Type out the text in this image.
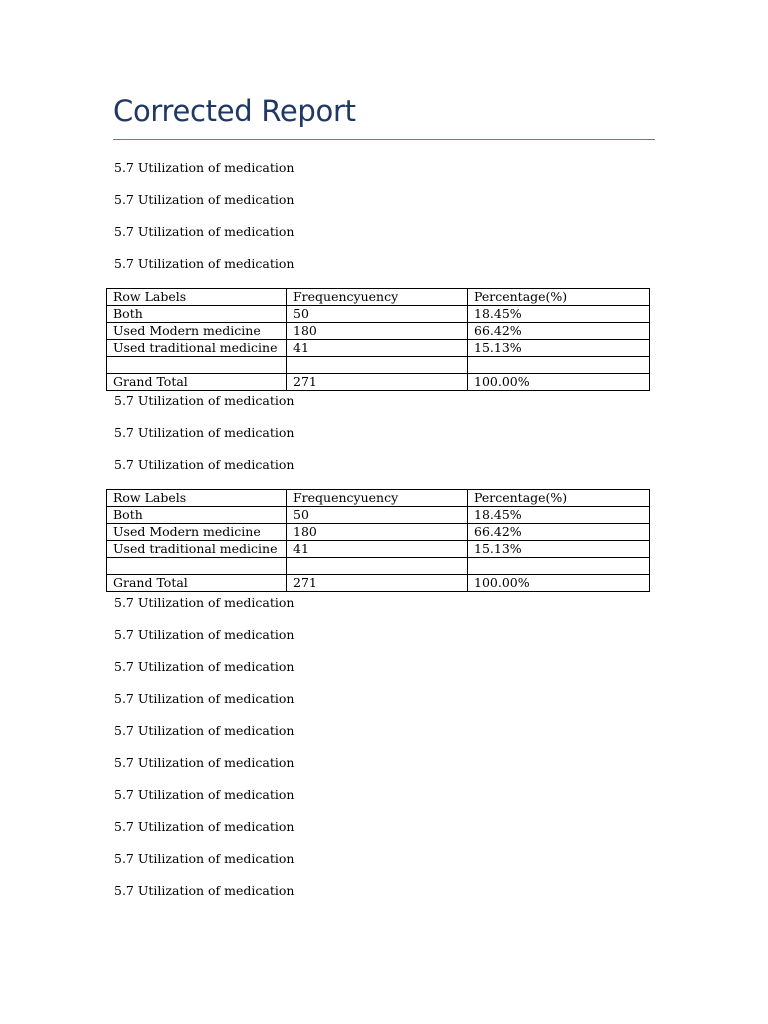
Corrected Report
5.7 Utilization of medication
5.7 Utilization of medication
5.7 Utilization of medication
5.7 Utilization of medication
Row Labels	Frequencyuency	Percentage(%)
Both	50	18.45%
Used Modern medicine	180	66.42%
Used traditional medicine	41	15.13%

Grand Total	271	100.00%
5.7 Utilization of medication
5.7 Utilization of medication
5.7 Utilization of medication
Row Labels	Frequencyuency	Percentage(%)
Both	50	18.45%
Used Modern medicine	180	66.42%
Used traditional medicine	41	15.13%

Grand Total	271	100.00%
5.7 Utilization of medication
5.7 Utilization of medication
5.7 Utilization of medication
5.7 Utilization of medication
5.7 Utilization of medication
5.7 Utilization of medication
5.7 Utilization of medication
5.7 Utilization of medication
5.7 Utilization of medication
5.7 Utilization of medication
